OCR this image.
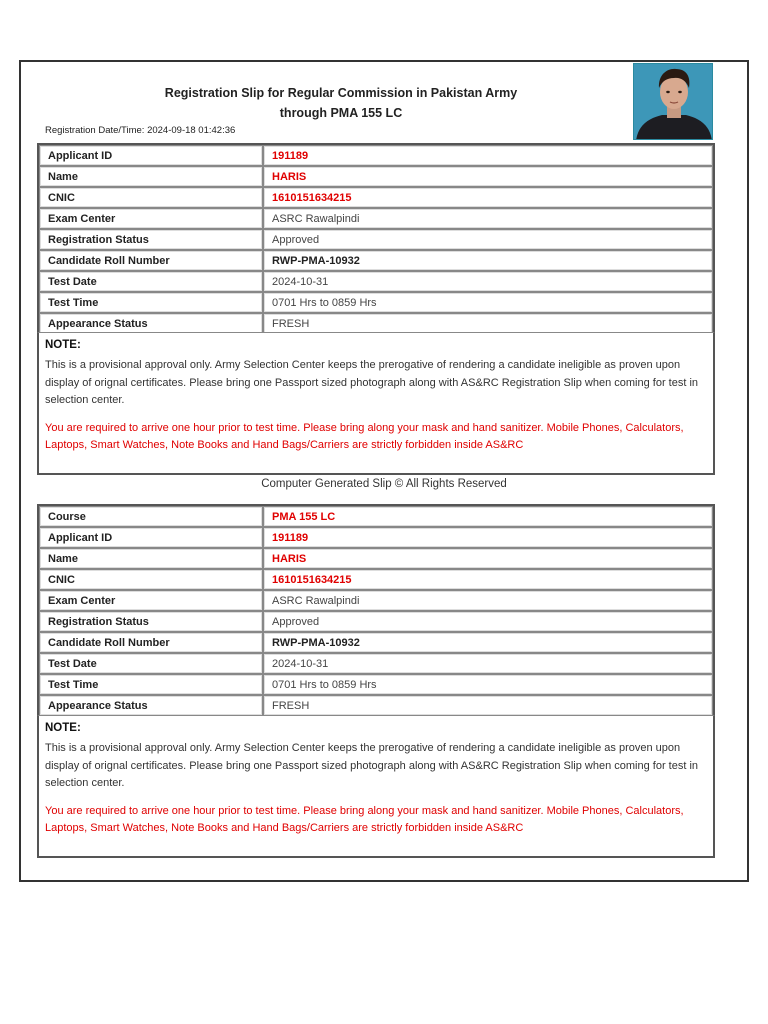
Registration Slip for Regular Commission in Pakistan Army
through PMA 155 LC
Registration Date/Time: 2024-09-18 01:42:36
Applicant ID	191189
Name	HARIS
CNIC	1610151634215
Exam Center	ASRC Rawalpindi
Registration Status	Approved
Candidate Roll Number	RWP-PMA-10932
Test Date	2024-10-31
Test Time	0701 Hrs to 0859 Hrs
Appearance Status	FRESH
NOTE:
This is a provisional approval only. Army Selection Center keeps the prerogative of rendering a candidate ineligible as proven upon display of orignal certificates. Please bring one Passport sized photograph along with AS&RC Registration Slip when coming for test in selection center.
You are required to arrive one hour prior to test time. Please bring along your mask and hand sanitizer. Mobile Phones, Calculators, Laptops, Smart Watches, Note Books and Hand Bags/Carriers are strictly forbidden inside AS&RC
Computer Generated Slip © All Rights Reserved
Course	PMA 155 LC
Applicant ID	191189
Name	HARIS
CNIC	1610151634215
Exam Center	ASRC Rawalpindi
Registration Status	Approved
Candidate Roll Number	RWP-PMA-10932
Test Date	2024-10-31
Test Time	0701 Hrs to 0859 Hrs
Appearance Status	FRESH
NOTE:
This is a provisional approval only. Army Selection Center keeps the prerogative of rendering a candidate ineligible as proven upon display of orignal certificates. Please bring one Passport sized photograph along with AS&RC Registration Slip when coming for test in selection center.
You are required to arrive one hour prior to test time. Please bring along your mask and hand sanitizer. Mobile Phones, Calculators, Laptops, Smart Watches, Note Books and Hand Bags/Carriers are strictly forbidden inside AS&RC
